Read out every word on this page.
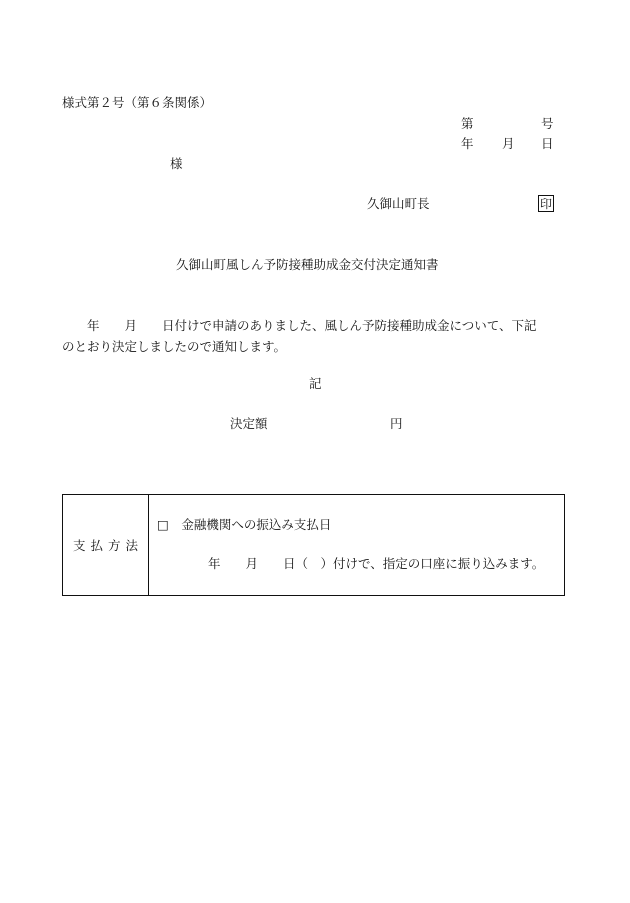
様式第２号（第６条関係）
第	号
年 月 日
様
久御山町長	印
久御山町風しん予防接種助成金交付決定通知書
　　年　　月　　日付けで申請のありました、風しん予防接種助成金について、下記
のとおり決定しましたので通知します。
記
決定額	円
支払方法
□　金融機関への振込み支払日
年　　月　　日（　）付けで、指定の口座に振り込みます。
